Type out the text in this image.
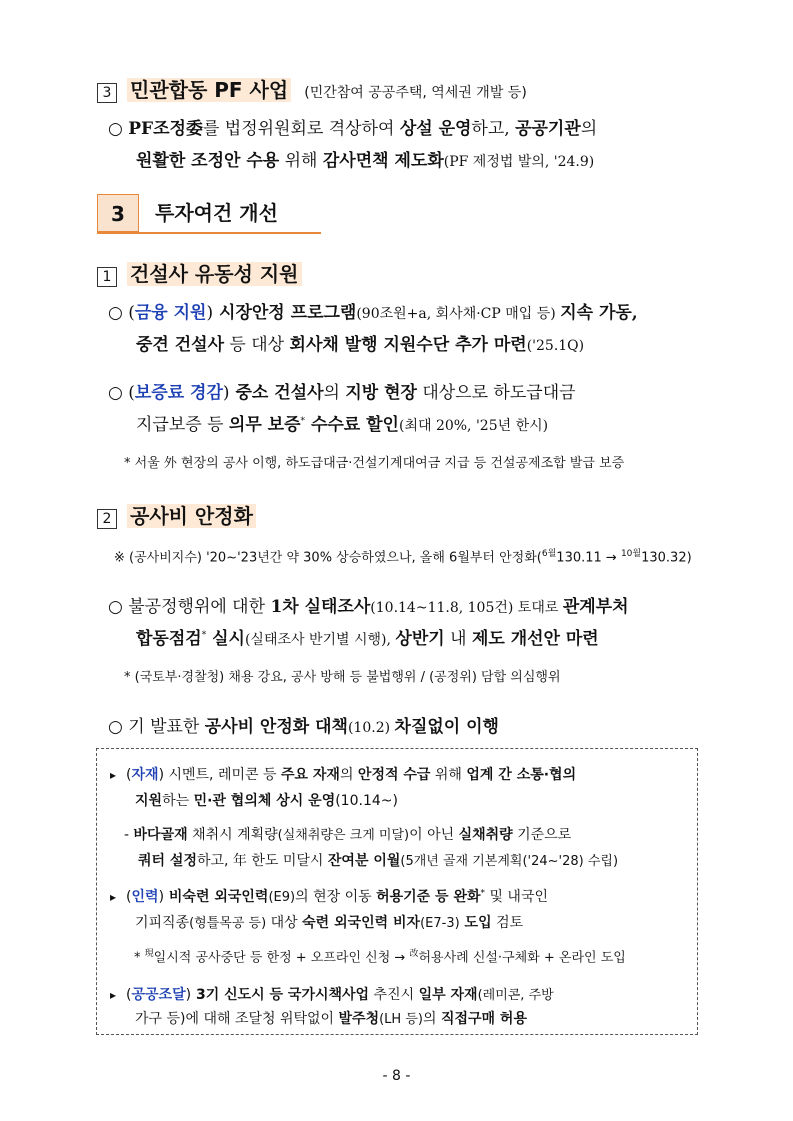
3 민관합동 PF 사업 (민간참여 공공주택, 역세권 개발 등)
○ PF조정委를 법정위원회로 격상하여 상설 운영하고, 공공기관의
원활한 조정안 수용 위해 감사면책 제도화(PF 제정법 발의, '24.9)
3	투자여건 개선
1 건설사 유동성 지원
○ (금융 지원) 시장안정 프로그램(90조원+a, 회사채·CP 매입 등) 지속 가동,
중견 건설사 등 대상 회사채 발행 지원수단 추가 마련('25.1Q)
○ (보증료 경감) 중소 건설사의 지방 현장 대상으로 하도급대금
지급보증 등 의무 보증* 수수료 할인(최대 20%, '25년 한시)
* 서울 外 현장의 공사 이행, 하도급대금·건설기계대여금 지급 등 건설공제조합 발급 보증
2 공사비 안정화
※ (공사비지수) '20~'23년간 약 30% 상승하였으나, 올해 6월부터 안정화($^{6월}$130.11 → $^{10월}$130.32)
○ 불공정행위에 대한 1차 실태조사(10.14~11.8, 105건) 토대로 관계부처
합동점검* 실시(실태조사 반기별 시행), 상반기 내 제도 개선안 마련
* (국토부·경찰청) 채용 강요, 공사 방해 등 불법행위 / (공정위) 담합 의심행위
○ 기 발표한 공사비 안정화 대책(10.2) 차질없이 이행
▸ (자재) 시멘트, 레미콘 등 주요 자재의 안정적 수급 위해 업계 간 소통·협의
지원하는 민·관 협의체 상시 운영(10.14~)
- 바다골재 채취시 계획량(실채취량은 크게 미달)이 아닌 실채취량 기준으로
쿼터 설정하고, 年 한도 미달시 잔여분 이월(5개년 골재 기본계획('24~'28) 수립)
▸ (인력) 비숙련 외국인력(E9)의 현장 이동 허용기준 등 완화* 및 내국인
기피직종(형틀목공 등) 대상 숙련 외국인력 비자(E7-3) 도입 검토
* $^現$일시적 공사중단 등 한정 + 오프라인 신청 → $^改$허용사례 신설·구체화 + 온라인 도입
▸ (공공조달) 3기 신도시 등 국가시책사업 추진시 일부 자재(레미콘, 주방
가구 등)에 대해 조달청 위탁없이 발주청(LH 등)의 직접구매 허용
- 8 -
